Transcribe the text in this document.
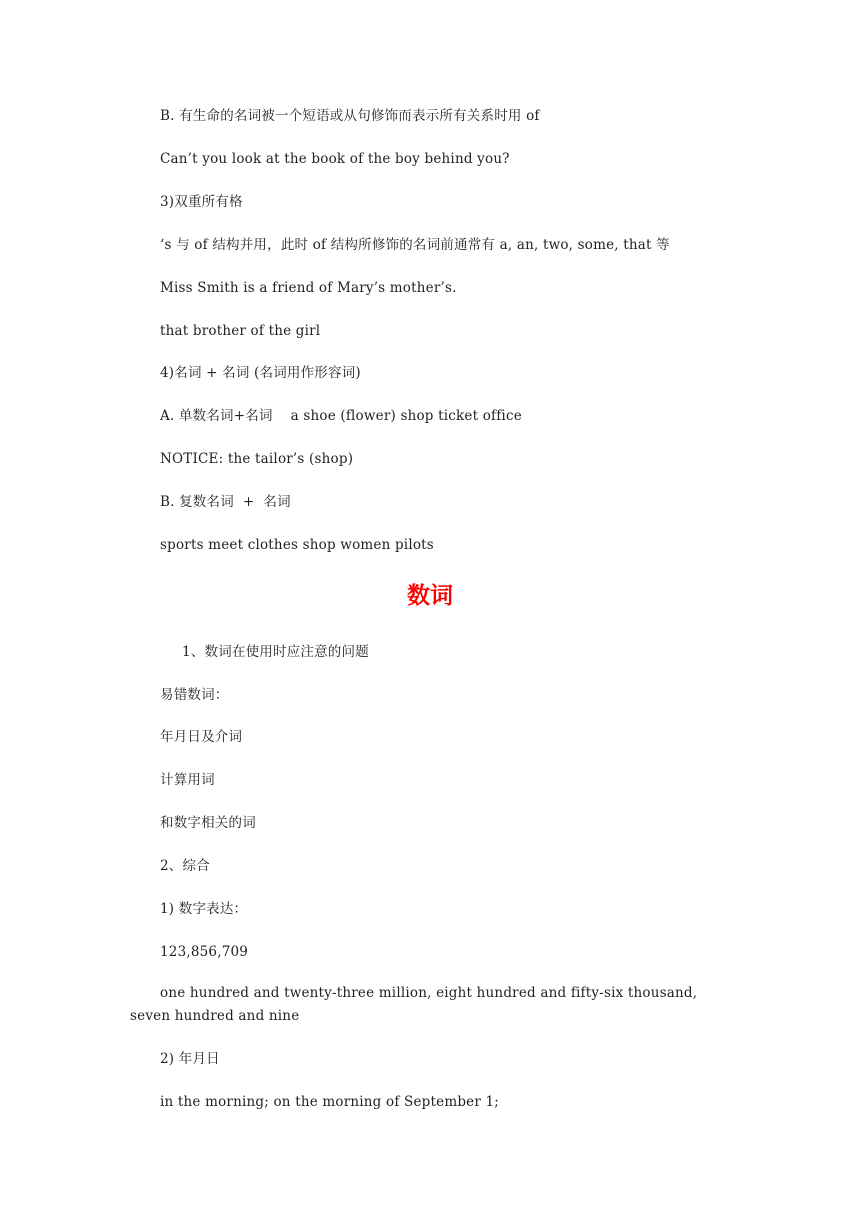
B. 有生命的名词被一个短语或从句修饰而表示所有关系时用 of
Can’t you look at the book of the boy behind you?
3)双重所有格
‘s 与 of 结构并用，此时 of 结构所修饰的名词前通常有 a, an, two, some, that 等
Miss Smith is a friend of Mary’s mother’s.
that brother of the girl
4)名词 + 名词 (名词用作形容词)
A. 单数名词+名词    a shoe (flower) shop ticket office
NOTICE: the tailor’s (shop)
B. 复数名词  +  名词
sports meet clothes shop women pilots
数词
1、数词在使用时应注意的问题
易错数词：
年月日及介词
计算用词
和数字相关的词
2、综合
1) 数字表达：
123,856,709
one hundred and twenty-three million, eight hundred and fifty-six thousand, seven hundred and nine
2) 年月日
in the morning; on the morning of September 1;
